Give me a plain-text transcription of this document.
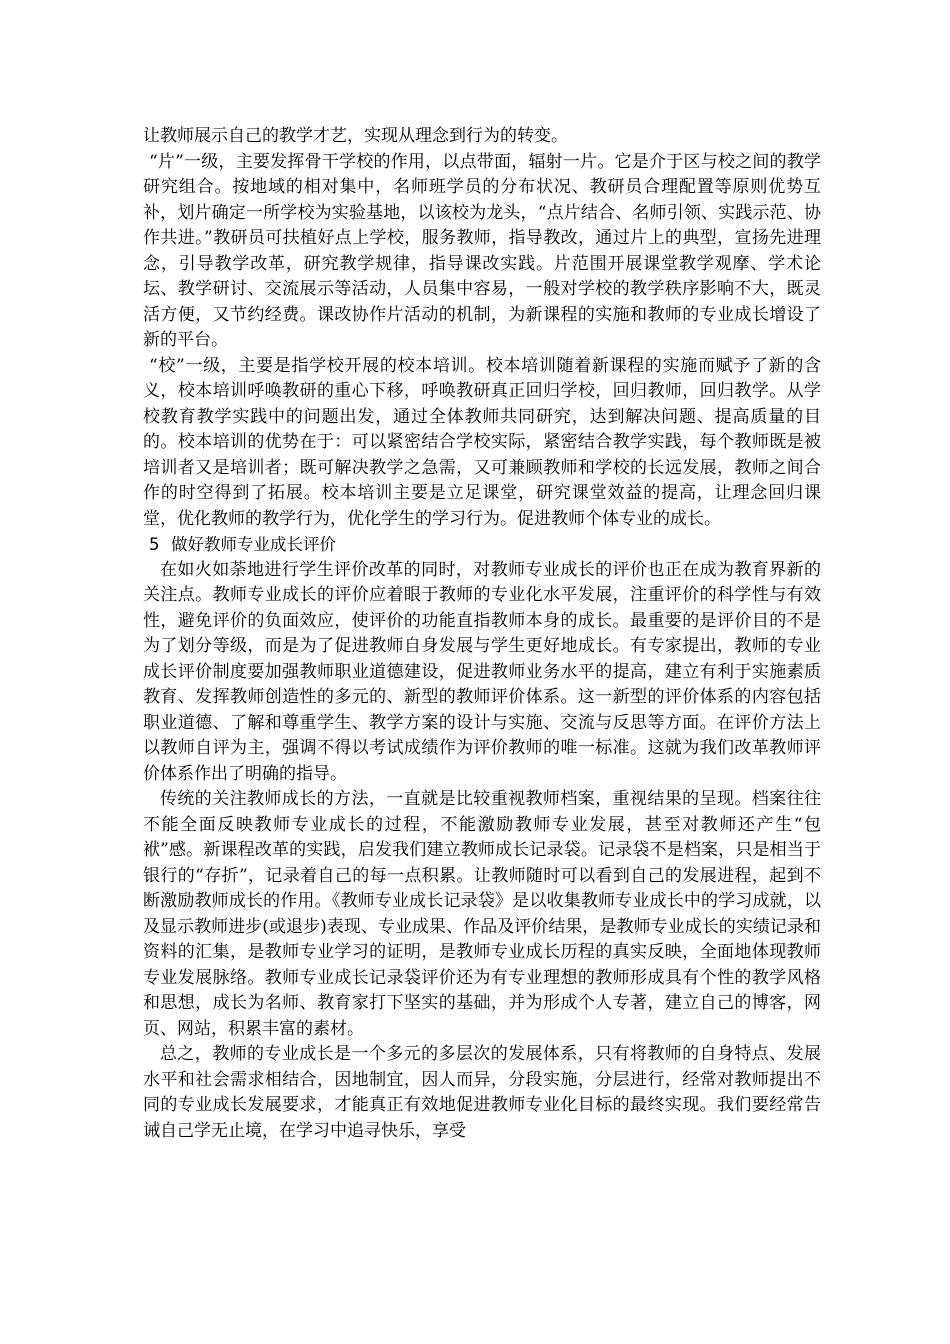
让教师展示自己的教学才艺，实现从理念到行为的转变。

“片”一级，主要发挥骨干学校的作用，以点带面，辐射一片。它是介于区与校之间的教学研究组合。按地域的相对集中，名师班学员的分布状况、教研员合理配置等原则优势互补，划片确定一所学校为实验基地，以该校为龙头，“点片结合、名师引领、实践示范、协作共进。”教研员可扶植好点上学校，服务教师，指导教改，通过片上的典型，宣扬先进理念，引导教学改革，研究教学规律，指导课改实践。片范围开展课堂教学观摩、学术论坛、教学研讨、交流展示等活动，人员集中容易，一般对学校的教学秩序影响不大，既灵活方便，又节约经费。课改协作片活动的机制，为新课程的实施和教师的专业成长增设了新的平台。

“校”一级，主要是指学校开展的校本培训。校本培训随着新课程的实施而赋予了新的含义，校本培训呼唤教研的重心下移，呼唤教研真正回归学校，回归教师，回归教学。从学校教育教学实践中的问题出发，通过全体教师共同研究，达到解决问题、提高质量的目的。校本培训的优势在于：可以紧密结合学校实际，紧密结合教学实践，每个教师既是被培训者又是培训者；既可解决教学之急需，又可兼顾教师和学校的长远发展，教师之间合作的时空得到了拓展。校本培训主要是立足课堂，研究课堂效益的提高，让理念回归课堂，优化教师的教学行为，优化学生的学习行为。促进教师个体专业的成长。

5 做好教师专业成长评价

在如火如荼地进行学生评价改革的同时，对教师专业成长的评价也正在成为教育界新的关注点。教师专业成长的评价应着眼于教师的专业化水平发展，注重评价的科学性与有效性，避免评价的负面效应，使评价的功能直指教师本身的成长。最重要的是评价目的不是为了划分等级，而是为了促进教师自身发展与学生更好地成长。有专家提出，教师的专业成长评价制度要加强教师职业道德建设，促进教师业务水平的提高，建立有利于实施素质教育、发挥教师创造性的多元的、新型的教师评价体系。这一新型的评价体系的内容包括职业道德、了解和尊重学生、教学方案的设计与实施、交流与反思等方面。在评价方法上以教师自评为主，强调不得以考试成绩作为评价教师的唯一标准。这就为我们改革教师评价体系作出了明确的指导。

传统的关注教师成长的方法，一直就是比较重视教师档案，重视结果的呈现。档案往往不能全面反映教师专业成长的过程，不能激励教师专业发展，甚至对教师还产生“包袱”感。新课程改革的实践，启发我们建立教师成长记录袋。记录袋不是档案，只是相当于银行的“存折”，记录着自己的每一点积累。让教师随时可以看到自己的发展进程，起到不断激励教师成长的作用。《教师专业成长记录袋》是以收集教师专业成长中的学习成就，以及显示教师进步(或退步)表现、专业成果、作品及评价结果，是教师专业成长的实绩记录和资料的汇集，是教师专业学习的证明，是教师专业成长历程的真实反映，全面地体现教师专业发展脉络。教师专业成长记录袋评价还为有专业理想的教师形成具有个性的教学风格和思想，成长为名师、教育家打下坚实的基础，并为形成个人专著，建立自己的博客，网页、网站，积累丰富的素材。

总之，教师的专业成长是一个多元的多层次的发展体系，只有将教师的自身特点、发展水平和社会需求相结合，因地制宜，因人而异，分段实施，分层进行，经常对教师提出不同的专业成长发展要求，才能真正有效地促进教师专业化目标的最终实现。我们要经常告诫自己学无止境，在学习中追寻快乐，享受
